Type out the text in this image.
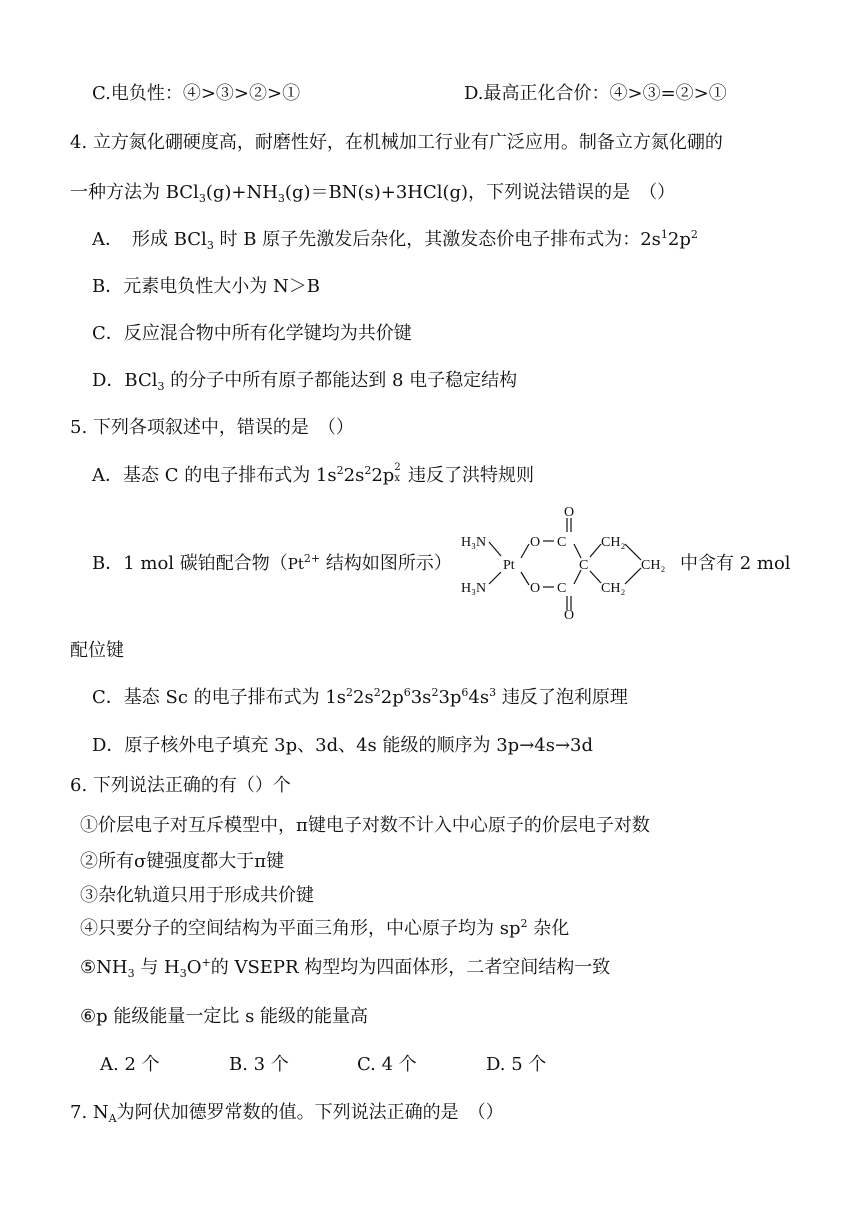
C.电负性：④>③>②>①	D.最高正化合价：④>③=②>①
4. 立方氮化硼硬度高，耐磨性好，在机械加工行业有广泛应用。制备立方氮化硼的
一种方法为 $BCl_3(g)+NH_3(g)=BN(s)+3HCl(g)$，下列说法错误的是　（）
A．　形成 BCl$_3$ 时 B 原子先激发后杂化，其激发态价电子排布式为：$2s^12p^2$
B．元素电负性大小为 N＞B
C．反应混合物中所有化学键均为共价键
D．BCl$_3$ 的分子中所有原子都能达到 8 电子稳定结构
5. 下列各项叙述中，错误的是　（）
A．基态 C 的电子排布式为 $1s^22s^22p$ 2
x 违反了洪特规则
B．1 mol 碳铂配合物（$Pt^{2+}$ 结构如图所示）
H₃N
H₃N
Pt
O
O
C
C
O
O
C
CH₂
CH₂
CH₂ 中含有 2 mol
配位键
C．基态 Sc 的电子排布式为 $1s^22s^22p^63s^23p^64s^3$ 违反了泡利原理
D．原子核外电子填充 3p、3d、4s 能级的顺序为 3p→4s→3d
6. 下列说法正确的有（）个
①价层电子对互斥模型中，π键电子对数不计入中心原子的价层电子对数
②所有σ键强度都大于π键
③杂化轨道只用于形成共价键
④只要分子的空间结构为平面三角形，中心原子均为 $sp^2$ 杂化
$⑤NH_3$ 与 $H_3O^+$的 VSEPR 构型均为四面体形，二者空间结构一致
⑥p 能级能量一定比 s 能级的能量高
A. 2 个	B. 3 个	C. 4 个	D. 5 个
7. $N_A$为阿伏加德罗常数的值。下列说法正确的是　（）
